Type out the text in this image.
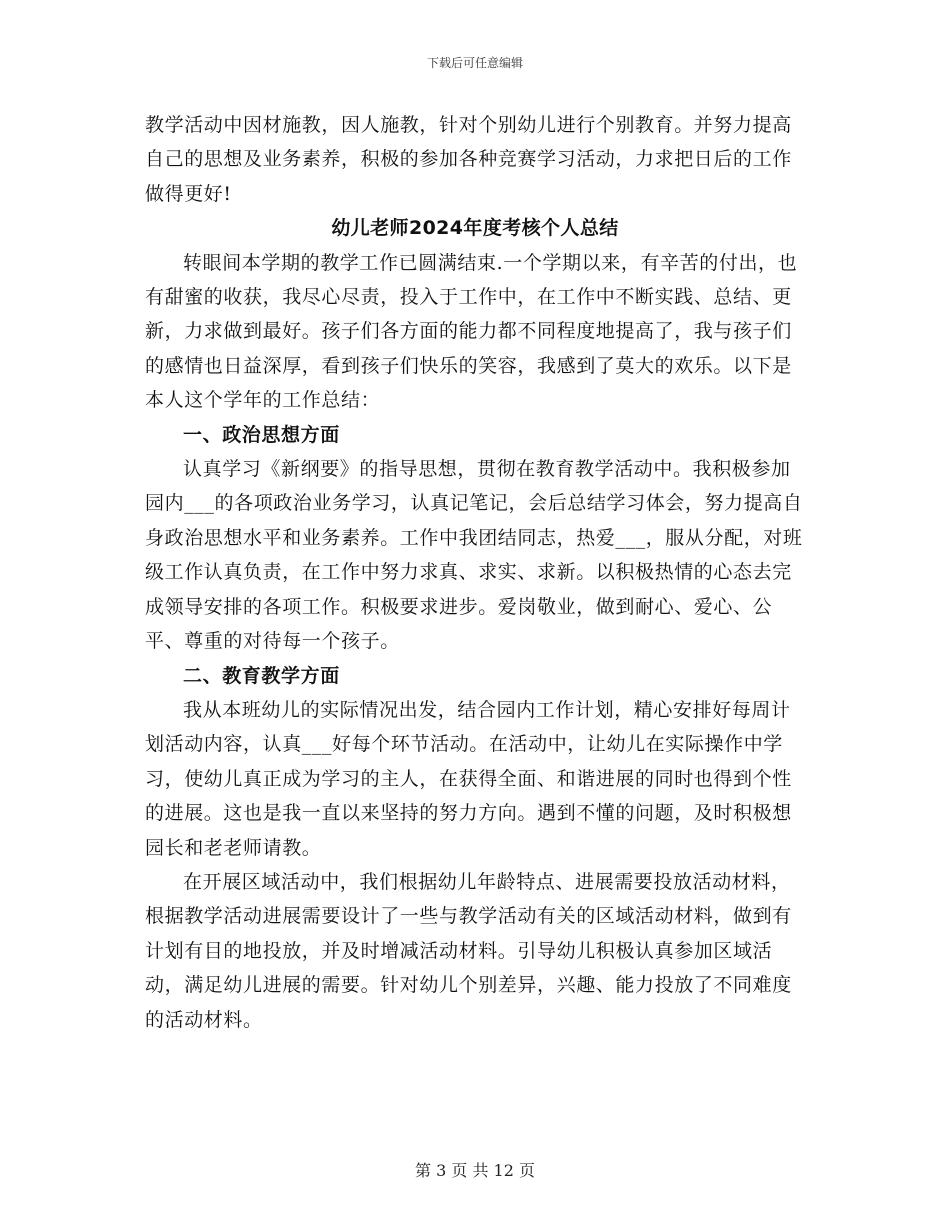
下载后可任意编辑

教学活动中因材施教，因人施教，针对个别幼儿进行个别教育。并努力提高自己的思想及业务素养，积极的参加各种竞赛学习活动，力求把日后的工作做得更好!

幼儿老师2024年度考核个人总结

转眼间本学期的教学工作已圆满结束.一个学期以来，有辛苦的付出，也有甜蜜的收获，我尽心尽责，投入于工作中，在工作中不断实践、总结、更新，力求做到最好。孩子们各方面的能力都不同程度地提高了，我与孩子们的感情也日益深厚，看到孩子们快乐的笑容，我感到了莫大的欢乐。以下是本人这个学年的工作总结：

一、政治思想方面

认真学习《新纲要》的指导思想，贯彻在教育教学活动中。我积极参加园内___的各项政治业务学习，认真记笔记，会后总结学习体会，努力提高自身政治思想水平和业务素养。工作中我团结同志，热爱___，服从分配，对班级工作认真负责，在工作中努力求真、求实、求新。以积极热情的心态去完成领导安排的各项工作。积极要求进步。爱岗敬业，做到耐心、爱心、公平、尊重的对待每一个孩子。

二、教育教学方面

我从本班幼儿的实际情况出发，结合园内工作计划，精心安排好每周计划活动内容，认真___好每个环节活动。在活动中，让幼儿在实际操作中学习，使幼儿真正成为学习的主人，在获得全面、和谐进展的同时也得到个性的进展。这也是我一直以来坚持的努力方向。遇到不懂的问题，及时积极想园长和老老师请教。

在开展区域活动中，我们根据幼儿年龄特点、进展需要投放活动材料，根据教学活动进展需要设计了一些与教学活动有关的区域活动材料，做到有计划有目的地投放，并及时增减活动材料。引导幼儿积极认真参加区域活动，满足幼儿进展的需要。针对幼儿个别差异，兴趣、能力投放了不同难度的活动材料。

第 3 页 共 12 页
